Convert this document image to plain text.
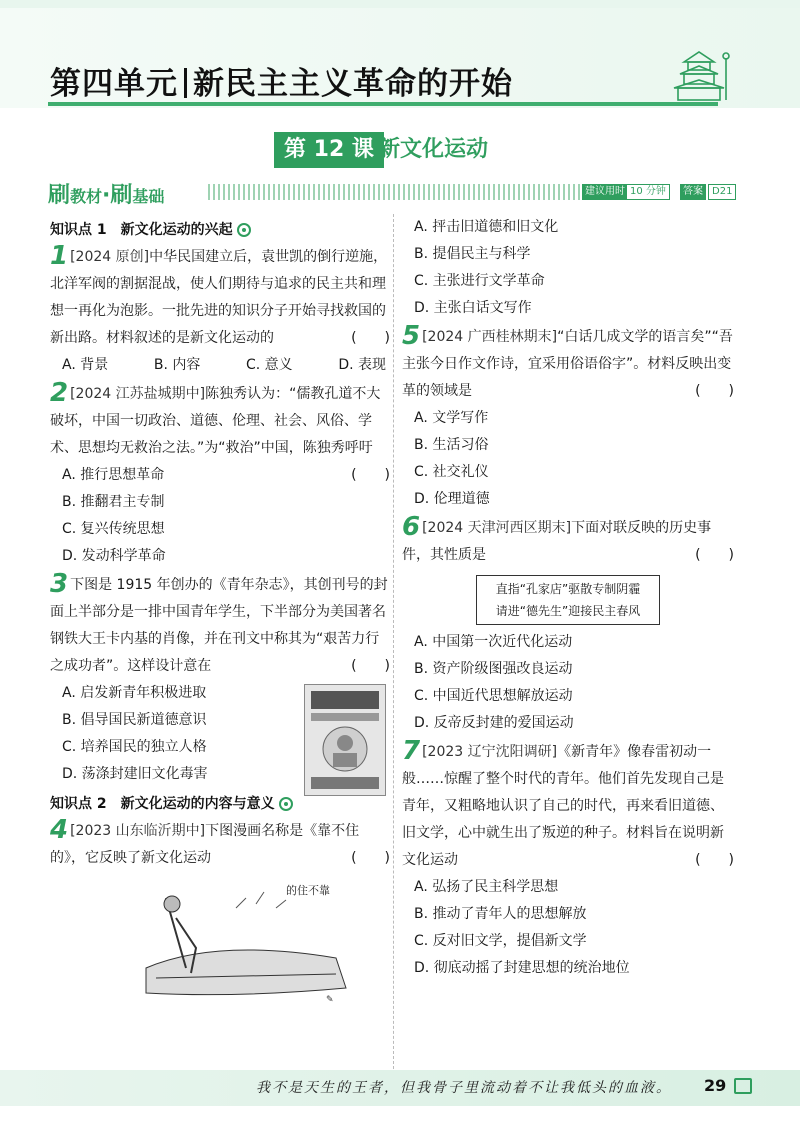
第四单元 新民主主义革命的开始
第 12 课 新文化运动
刷教材·刷基础	建议用时 10 分钟	答案 D21
知识点 1　新文化运动的兴起
1 [2024 原创]中华民国建立后，袁世凯的倒行逆施，北洋军阀的割据混战，使人们期待与追求的民主共和理想一再化为泡影。一批先进的知识分子开始寻找救国的新出路。材料叙述的是新文化运动的	(　　)
A. 背景	B. 内容	C. 意义	D. 表现
2 [2024 江苏盐城期中]陈独秀认为：“儒教孔道不大破坏，中国一切政治、道德、伦理、社会、风俗、学术、思想均无救治之法。”为“救治”中国，陈独秀呼吁
(　　)
A. 推行思想革命
B. 推翻君主专制
C. 复兴传统思想
D. 发动科学革命
3 下图是 1915 年创办的《青年杂志》，其创刊号的封面上半部分是一排中国青年学生，下半部分为美国著名钢铁大王卡内基的肖像，并在刊文中称其为“艰苦力行之成功者”。这样设计意在	(　　)
A. 启发新青年积极进取
B. 倡导国民新道德意识
C. 培养国民的独立人格
D. 荡涤封建旧文化毒害
知识点 2　新文化运动的内容与意义
4 [2023 山东临沂期中]下图漫画名称是《靠不住的》，它反映了新文化运动	(　　)
的住不靠
✎
A. 抨击旧道德和旧文化
B. 提倡民主与科学
C. 主张进行文学革命
D. 主张白话文写作
5 [2024 广西桂林期末]“白话几成文学的语言矣”“吾主张今日作文作诗，宜采用俗语俗字”。材料反映出变革的领域是	(　　)
A. 文学写作
B. 生活习俗
C. 社交礼仪
D. 伦理道德
6 [2024 天津河西区期末]下面对联反映的历史事件，其性质是	(　　)
直指“孔家店”驱散专制阴霾
请进“德先生”迎接民主春风
A. 中国第一次近代化运动
B. 资产阶级图强改良运动
C. 中国近代思想解放运动
D. 反帝反封建的爱国运动
7 [2023 辽宁沈阳调研]《新青年》像春雷初动一般……惊醒了整个时代的青年。他们首先发现自己是青年，又粗略地认识了自己的时代，再来看旧道德、旧文学，心中就生出了叛逆的种子。材料旨在说明新文化运动	(　　)
A. 弘扬了民主科学思想
B. 推动了青年人的思想解放
C. 反对旧文学，提倡新文学
D. 彻底动摇了封建思想的统治地位
我不是天生的王者，但我骨子里流动着不让我低头的血液。 29
